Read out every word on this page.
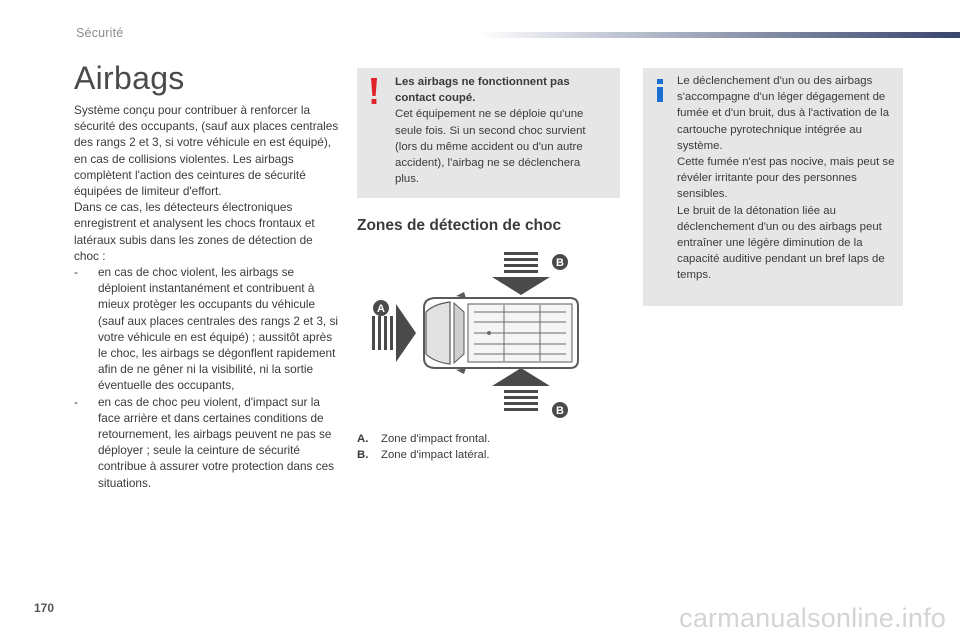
Sécurité
Airbags

Système conçu pour contribuer à renforcer la sécurité des occupants, (sauf aux places centrales des rangs 2 et 3, si votre véhicule en est équipé), en cas de collisions violentes. Les airbags complètent l'action des ceintures de sécurité équipées de limiteur d'effort.

Dans ce cas, les détecteurs électroniques enregistrent et analysent les chocs frontaux et latéraux subis dans les zones de détection de choc :

- en cas de choc violent, les airbags se déploient instantanément et contribuent à mieux protèger les occupants du véhicule (sauf aux places centrales des rangs 2 et 3, si votre véhicule en est équipé) ; aussitôt après le choc, les airbags se dégonflent rapidement afin de ne gêner ni la visibilité, ni la sortie éventuelle des occupants,
- en cas de choc peu violent, d'impact sur la face arrière et dans certaines conditions de retournement, les airbags peuvent ne pas se déployer ; seule la ceinture de sécurité contribue à assurer votre protection dans ces situations.
Les airbags ne fonctionnent pas contact coupé.
Cet équipement ne se déploie qu'une seule fois. Si un second choc survient (lors du même accident ou d'un autre accident), l'airbag ne se déclenchera plus.
Le déclenchement d'un ou des airbags s'accompagne d'un léger dégagement de fumée et d'un bruit, dus à l'activation de la cartouche pyrotechnique intégrée au système.
Cette fumée n'est pas nocive, mais peut se révéler irritante pour des personnes sensibles.
Le bruit de la détonation liée au déclenchement d'un ou des airbags peut entraîner une légère diminution de la capacité auditive pendant un bref laps de temps.
Zones de détection de choc
A
B
B
A. Zone d'impact frontal.
B. Zone d'impact latéral.
170	carmanualsonline.info
